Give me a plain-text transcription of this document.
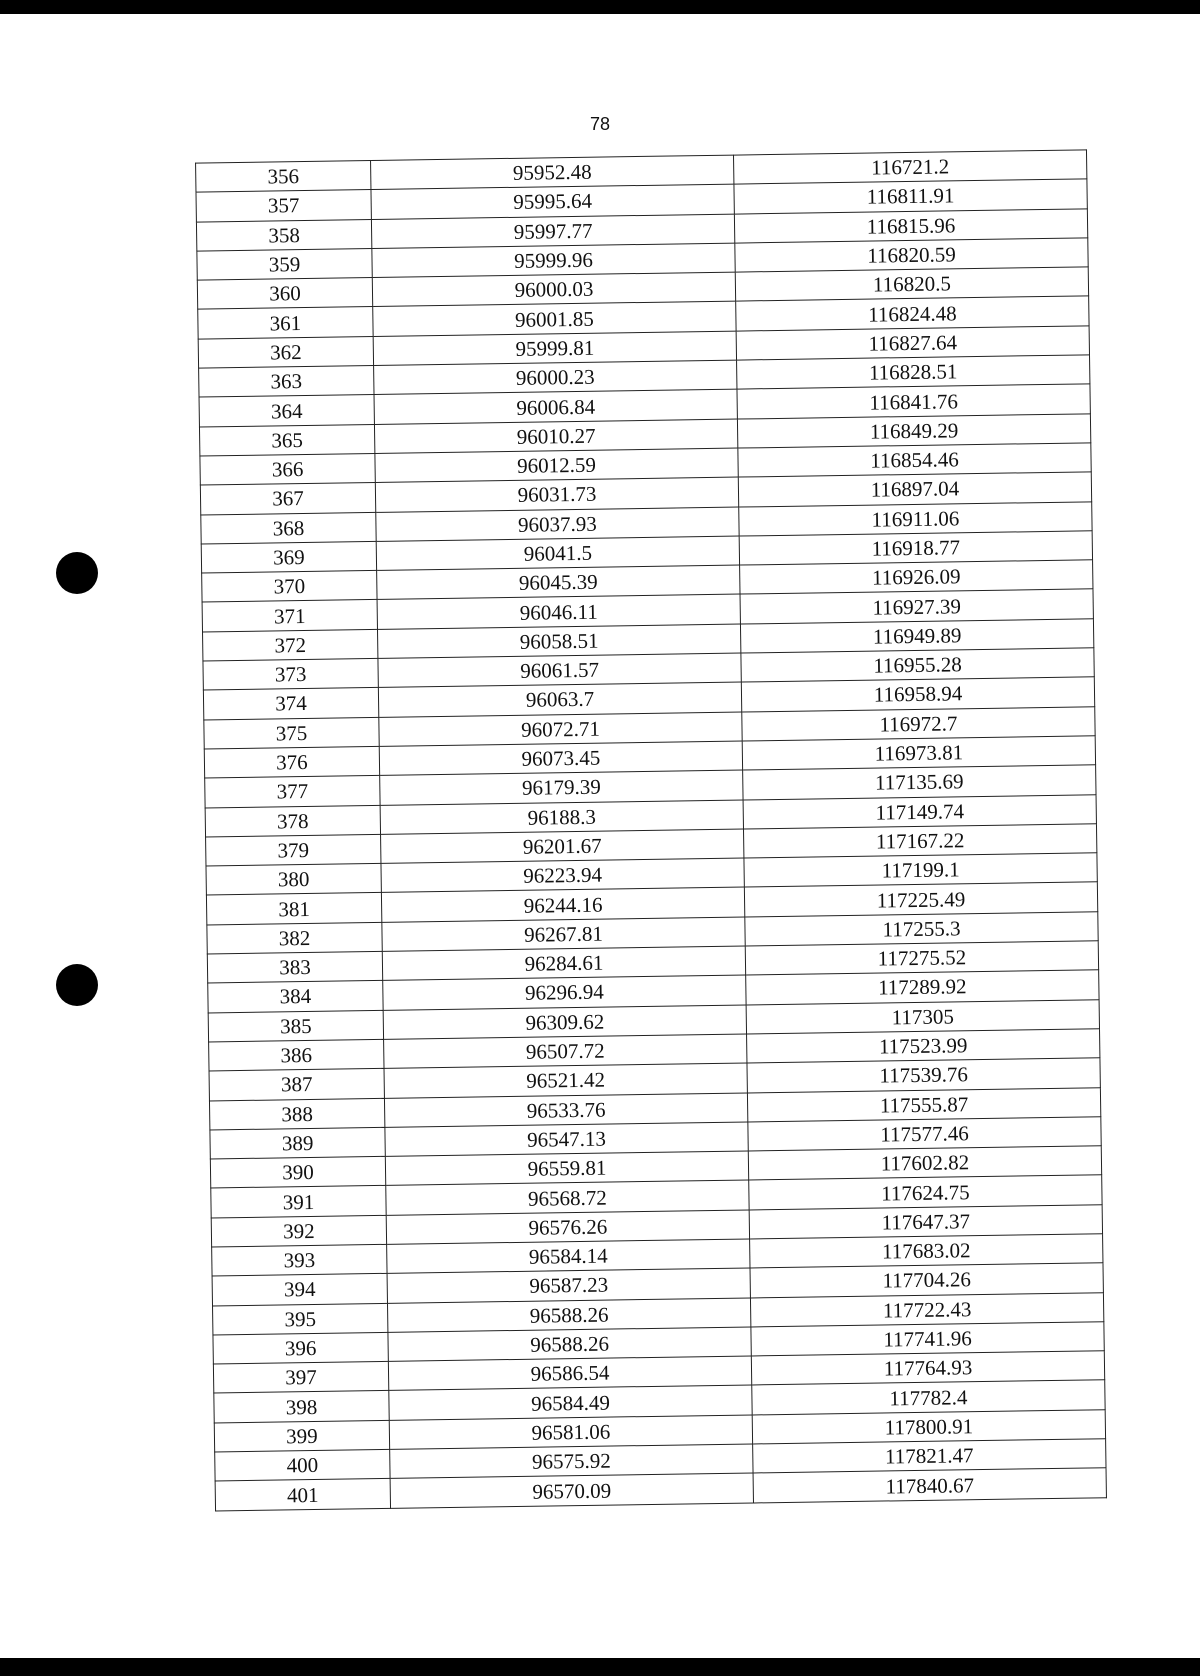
78
356	95952.48	116721.2
357	95995.64	116811.91
358	95997.77	116815.96
359	95999.96	116820.59
360	96000.03	116820.5
361	96001.85	116824.48
362	95999.81	116827.64
363	96000.23	116828.51
364	96006.84	116841.76
365	96010.27	116849.29
366	96012.59	116854.46
367	96031.73	116897.04
368	96037.93	116911.06
369	96041.5	116918.77
370	96045.39	116926.09
371	96046.11	116927.39
372	96058.51	116949.89
373	96061.57	116955.28
374	96063.7	116958.94
375	96072.71	116972.7
376	96073.45	116973.81
377	96179.39	117135.69
378	96188.3	117149.74
379	96201.67	117167.22
380	96223.94	117199.1
381	96244.16	117225.49
382	96267.81	117255.3
383	96284.61	117275.52
384	96296.94	117289.92
385	96309.62	117305
386	96507.72	117523.99
387	96521.42	117539.76
388	96533.76	117555.87
389	96547.13	117577.46
390	96559.81	117602.82
391	96568.72	117624.75
392	96576.26	117647.37
393	96584.14	117683.02
394	96587.23	117704.26
395	96588.26	117722.43
396	96588.26	117741.96
397	96586.54	117764.93
398	96584.49	117782.4
399	96581.06	117800.91
400	96575.92	117821.47
401	96570.09	117840.67
